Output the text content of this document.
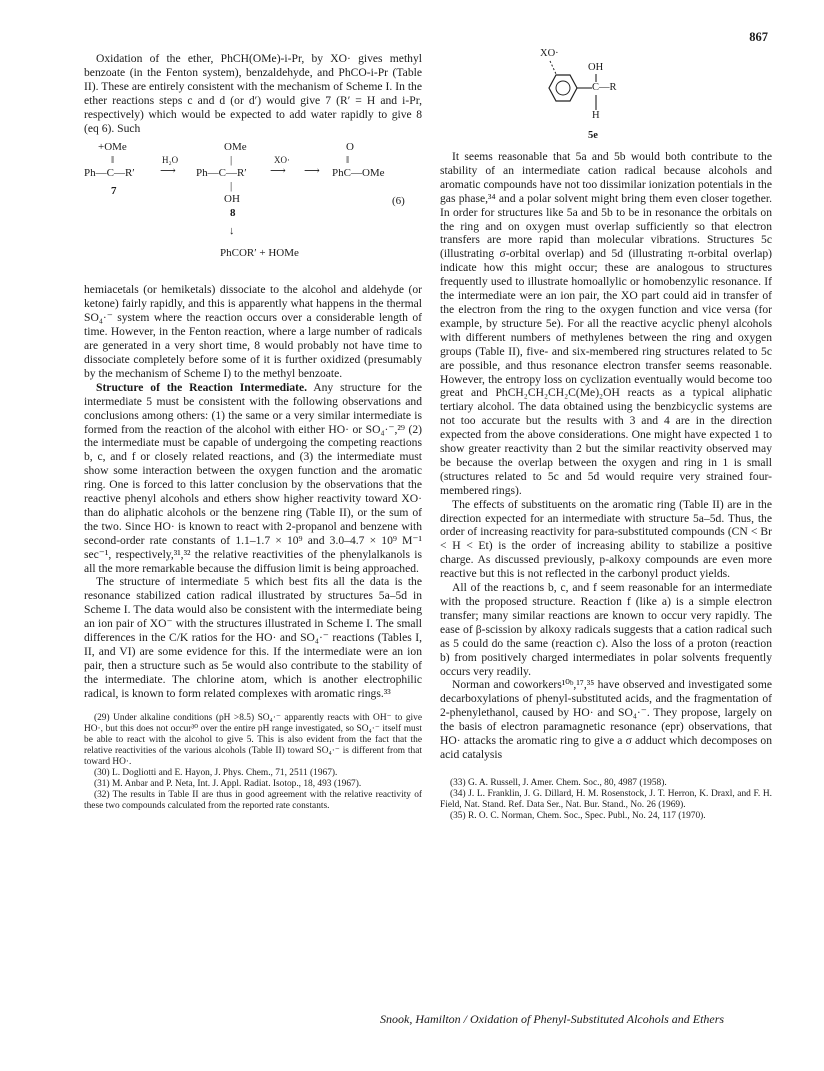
867
XO·
OH
C—R
H
5e

Oxidation of the ether, PhCH(OMe)-i-Pr, by XO· gives methyl benzoate (in the Fenton system), benzaldehyde, and PhCO-i-Pr (Table II). These are entirely consistent with the mechanism of Scheme I. In the ether reactions steps c and d (or d′) would give 7 (R′ = H and i-Pr, respectively) which would be expected to add water rapidly to give 8 (eq 6). Such

+OMe
‖
Ph—C—R′
7
H₂O
⟶
OMe
|
Ph—C—R′
|
OH
8
↓
PhCOR′ + HOMe
XO·
⟶ ⟶
O
‖
PhC—OMe
(6)

hemiacetals (or hemiketals) dissociate to the alcohol and aldehyde (or ketone) fairly rapidly, and this is apparently what happens in the thermal SO₄·⁻ system where the reaction occurs over a considerable length of time. However, in the Fenton reaction, where a large number of radicals are generated in a very short time, 8 would probably not have time to dissociate completely before some of it is further oxidized (presumably by the mechanism of Scheme I) to the methyl benzoate.

Structure of the Reaction Intermediate. Any structure for the intermediate 5 must be consistent with the following observations and conclusions among others: (1) the same or a very similar intermediate is formed from the reaction of the alcohol with either HO· or SO₄·⁻,²⁹ (2) the intermediate must be capable of undergoing the competing reactions b, c, and f or closely related reactions, and (3) the intermediate must show some interaction between the oxygen function and the aromatic ring. One is forced to this latter conclusion by the observations that the reactive phenyl alcohols and ethers show higher reactivity toward XO· than do aliphatic alcohols or the benzene ring (Table II), or the sum of the two. Since HO· is known to react with 2-propanol and benzene with second-order rate constants of 1.1–1.7 × 10⁹ and 3.0–4.7 × 10⁹ M⁻¹ sec⁻¹, respectively,³¹,³² the relative reactivities of the phenylalkanols is all the more remarkable because the diffusion limit is being approached.

The structure of intermediate 5 which best fits all the data is the resonance stabilized cation radical illustrated by structures 5a–5d in Scheme I. The data would also be consistent with the intermediate being an ion pair of XO⁻ with the structures illustrated in Scheme I. The small differences in the C/K ratios for the HO· and SO₄·⁻ reactions (Tables I, II, and VI) are some evidence for this. If the intermediate were an ion pair, then a structure such as 5e would also contribute to the stability of the intermediate. The chlorine atom, which is another electrophilic radical, is known to form related complexes with aromatic rings.³³

(29) Under alkaline conditions (pH >8.5) SO₄·⁻ apparently reacts with OH⁻ to give HO·, but this does not occur³⁰ over the entire pH range investigated, so SO₄·⁻ itself must be able to react with the alcohol to give 5. This is also evident from the fact that the relative reactivities of the various alcohols (Table II) toward SO₄·⁻ is different from that toward HO·.

(30) L. Dogliotti and E. Hayon, J. Phys. Chem., 71, 2511 (1967).

(31) M. Anbar and P. Neta, Int. J. Appl. Radiat. Isotop., 18, 493 (1967).

(32) The results in Table II are thus in good agreement with the relative reactivity of these two compounds calculated from the reported rate constants.

It seems reasonable that 5a and 5b would both contribute to the stability of an intermediate cation radical because alcohols and aromatic compounds have not too dissimilar ionization potentials in the gas phase,³⁴ and a polar solvent might bring them even closer together. In order for structures like 5a and 5b to be in resonance the orbitals on the ring and on oxygen must overlap sufficiently so that electron transfers are more rapid than molecular vibrations. Structures 5c (illustrating σ-orbital overlap) and 5d (illustrating π-orbital overlap) indicate how this might occur; these are analogous to structures frequently used to illustrate homoallylic or homobenzylic resonance. If the intermediate were an ion pair, the XO part could aid in transfer of the electron from the ring to the oxygen function and vice versa (for example, by structure 5e). For all the reactive acyclic phenyl alcohols with different numbers of methylenes between the ring and oxygen groups (Table II), five- and six-membered ring structures related to 5c are possible, and thus resonance electron transfer seems reasonable. However, the entropy loss on cyclization eventually would become too great and PhCH₂CH₂CH₂C(Me)₂OH reacts as a typical aliphatic tertiary alcohol. The data obtained using the benzbicyclic systems are not too accurate but the results with 3 and 4 are in the direction expected from the above considerations. One might have expected 1 to show greater reactivity than 2 but the similar reactivity observed may be because the overlap between the oxygen and ring in 1 is small (structures related to 5c and 5d would require very strained four-membered rings).

The effects of substituents on the aromatic ring (Table II) are in the direction expected for an intermediate with structure 5a–5d. Thus, the order of increasing reactivity for para-substituted compounds (CN < Br < H < Et) is the order of increasing ability to stabilize a positive charge. As discussed previously, p-alkoxy compounds are even more reactive but this is not reflected in the carbonyl product yields.

All of the reactions b, c, and f seem reasonable for an intermediate with the proposed structure. Reaction f (like a) is a simple electron transfer; many similar reactions are known to occur very rapidly. The ease of β-scission by alkoxy radicals suggests that a cation radical such as 5 could do the same (reaction c). Also the loss of a proton (reaction b) from positively charged intermediates in polar solvents frequently occurs very readily.

Norman and coworkers¹⁰ᵇ,¹⁷,³⁵ have observed and investigated some decarboxylations of phenyl-substituted acids, and the fragmentation of 2-phenylethanol, caused by HO· and SO₄·⁻. They propose, largely on the basis of electron paramagnetic resonance (epr) observations, that HO· attacks the aromatic ring to give a σ adduct which decomposes on acid catalysis

(33) G. A. Russell, J. Amer. Chem. Soc., 80, 4987 (1958).

(34) J. L. Franklin, J. G. Dillard, H. M. Rosenstock, J. T. Herron, K. Draxl, and F. H. Field, Nat. Stand. Ref. Data Ser., Nat. Bur. Stand., No. 26 (1969).

(35) R. O. C. Norman, Chem. Soc., Spec. Publ., No. 24, 117 (1970).

Snook, Hamilton / Oxidation of Phenyl-Substituted Alcohols and Ethers
